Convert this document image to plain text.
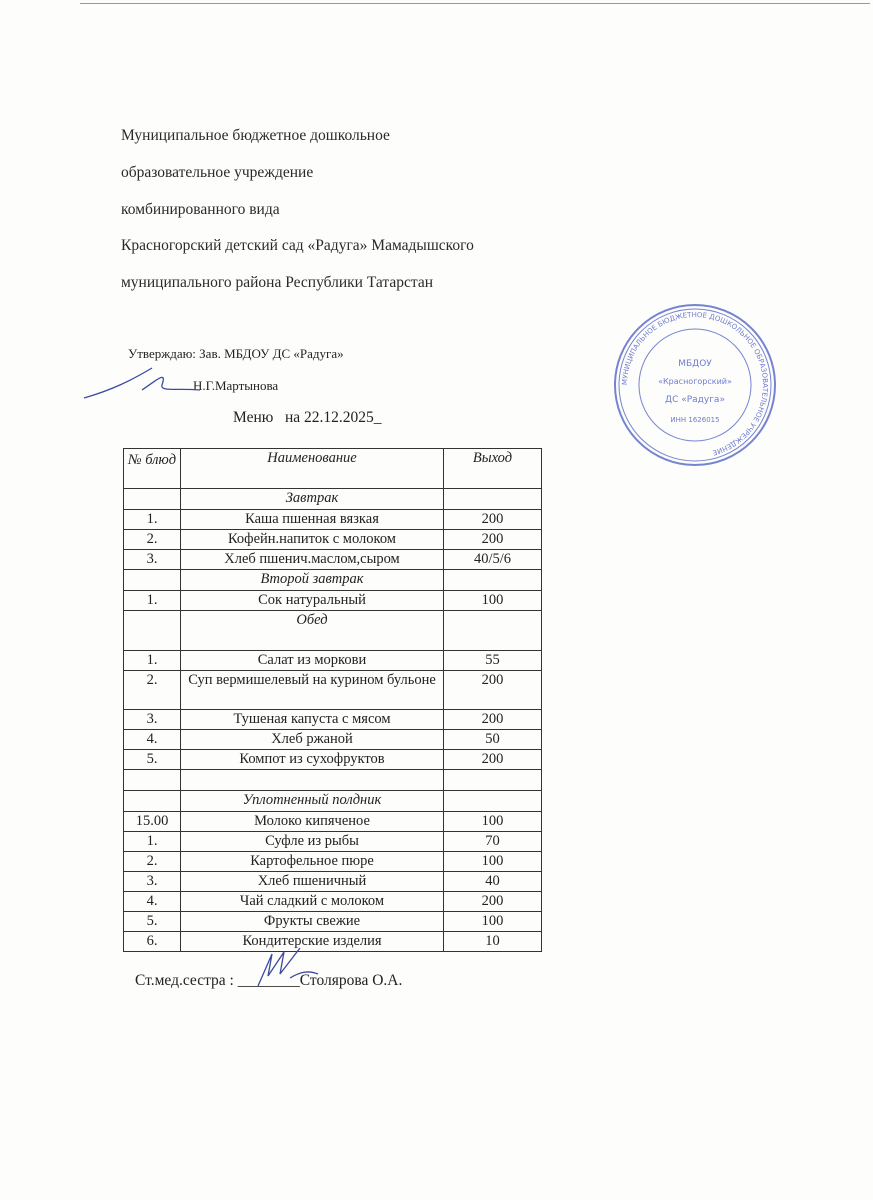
Муниципальное бюджетное дошкольное
образовательное учреждение
комбинированного вида
Красногорский детский сад «Радуга» Мамадышского
муниципального района Республики Татарстан
МУНИЦИПАЛЬНОЕ БЮДЖЕТНОЕ ДОШКОЛЬНОЕ ОБРАЗОВАТЕЛЬНОЕ УЧРЕЖДЕНИЕ
МБДОУ
«Красногорский»
ДС «Радуга»
ИНН 1626015
Утверждаю: Зав. МБДОУ ДС «Радуга»
Н.Г.Мартынова
Меню   на 22.12.2025_
№ блюд	Наименование	Выход
	Завтрак	
1.	Каша пшенная вязкая	200
2.	Кофейн.напиток с молоком	200
3.	Хлеб пшенич.маслом,сыром	40/5/6
	Второй завтрак	
1.	Сок натуральный	100
	Обед	
1.	Салат из моркови	55
2.	Суп вермишелевый на курином бульоне	200
3.	Тушеная капуста с мясом	200
4.	Хлеб ржаной	50
5.	Компот из сухофруктов	200

	Уплотненный полдник	
15.00	Молоко кипяченое	100
1.	Суфле из рыбы	70
2.	Картофельное пюре	100
3.	Хлеб пшеничный	40
4.	Чай сладкий с молоком	200
5.	Фрукты свежие	100
6.	Кондитерские изделия	10
Ст.мед.сестра : ________Столярова О.А.
